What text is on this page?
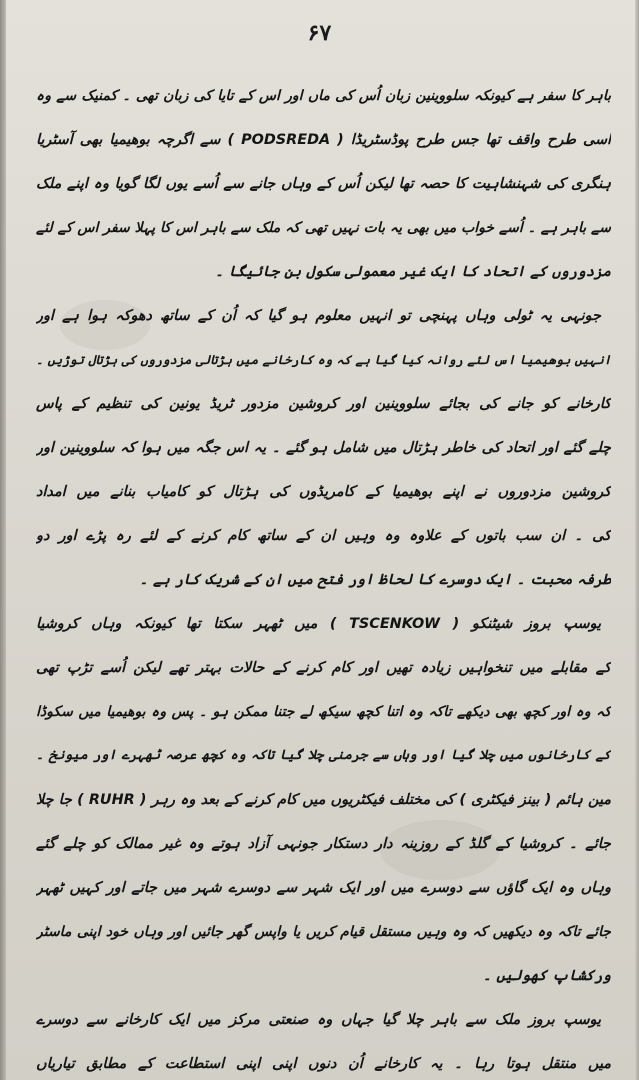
۶۷
باہر کا سفر ہے کیونکہ سلووینین زبان اُس کی ماں اور اس کے تایا کی زبان تھی ۔ کمنیک سے وہ
اسی طرح واقف تھا جس طرح پوڈسٹریڈا ( PODSREDA ) سے اگرچہ بوھیمیا بھی آسٹریا
ہنگری کی شہنشاہیت کا حصہ تھا لیکن اُس کے وہاں جانے سے اُسے یوں لگا گویا وہ اپنے ملک
سے باہر ہے ۔ اُسے خواب میں بھی یہ بات نہیں تھی کہ ملک سے باہر اس کا پہلا سفر اس کے لئے
مزدوروں کے اتحاد کا ایک غیر معمولی سکول بن جائیگا ۔
جونہی یہ ٹولی وہاں پہنچی تو انہیں معلوم ہو گیا کہ اُن کے ساتھ دھوکہ ہوا ہے اور
انہیں بوھیمیا اس لئے روانہ کیا گیا ہے کہ وہ کارخانے میں ہڑتالی مزدوروں کی ہڑتال توڑیں ۔
کارخانے کو جانے کی بجائے سلووینین اور کروشین مزدور ٹریڈ یونین کی تنظیم کے پاس
چلے گئے اور اتحاد کی خاطر ہڑتال میں شامل ہو گئے ۔ یہ اس جگہ میں ہوا کہ سلووینین اور
کروشین مزدوروں نے اپنے بوھیمیا کے کامریڈوں کی ہڑتال کو کامیاب بنانے میں امداد
کی ۔ ان سب باتوں کے علاوہ وہ وہیں ان کے ساتھ کام کرنے کے لئے رہ پڑے اور دو
طرفہ محبت ۔ ایک دوسرے کا لحاظ اور فتح میں ان کے شریک کار ہے ۔
یوسپ بروز شیٹنکو ( TSCENKOW ) میں ٹھہر سکتا تھا کیونکہ وہاں کروشیا
کے مقابلے میں تنخواہیں زیادہ تھیں اور کام کرنے کے حالات بہتر تھے لیکن اُسے تڑپ تھی
کہ وہ اور کچھ بھی دیکھے تاکہ وہ اتنا کچھ سیکھ لے جتنا ممکن ہو ۔ پس وہ بوھیمیا میں سکوڈا
کے کارخانوں میں چلا گیا اور وہاں سے جرمنی چلا گیا تاکہ وہ کچھ عرصہ ٹھہرے اور میونخ ۔
مین ہائم ( بینز فیکٹری ) کی مختلف فیکٹریوں میں کام کرنے کے بعد وہ رہر ( RUHR ) جا چلا
جائے ۔ کروشیا کے گلڈ کے روزینہ دار دستکار جونہی آزاد ہوتے وہ غیر ممالک کو چلے گئے
وہاں وہ ایک گاؤں سے دوسرے میں اور ایک شہر سے دوسرے شہر میں جاتے اور کہیں ٹھہر
جائے تاکہ وہ دیکھیں کہ وہ وہیں مستقل قیام کریں یا واپس گھر جائیں اور وہاں خود اپنی ماسٹر
ورکشاپ کھولیں ۔
یوسپ بروز ملک سے باہر چلا گیا جہاں وہ صنعتی مرکز میں ایک کارخانے سے دوسرے
میں منتقل ہوتا رہا ۔ یہ کارخانے اُن دنوں اپنی اپنی استطاعت کے مطابق تیاریاں
